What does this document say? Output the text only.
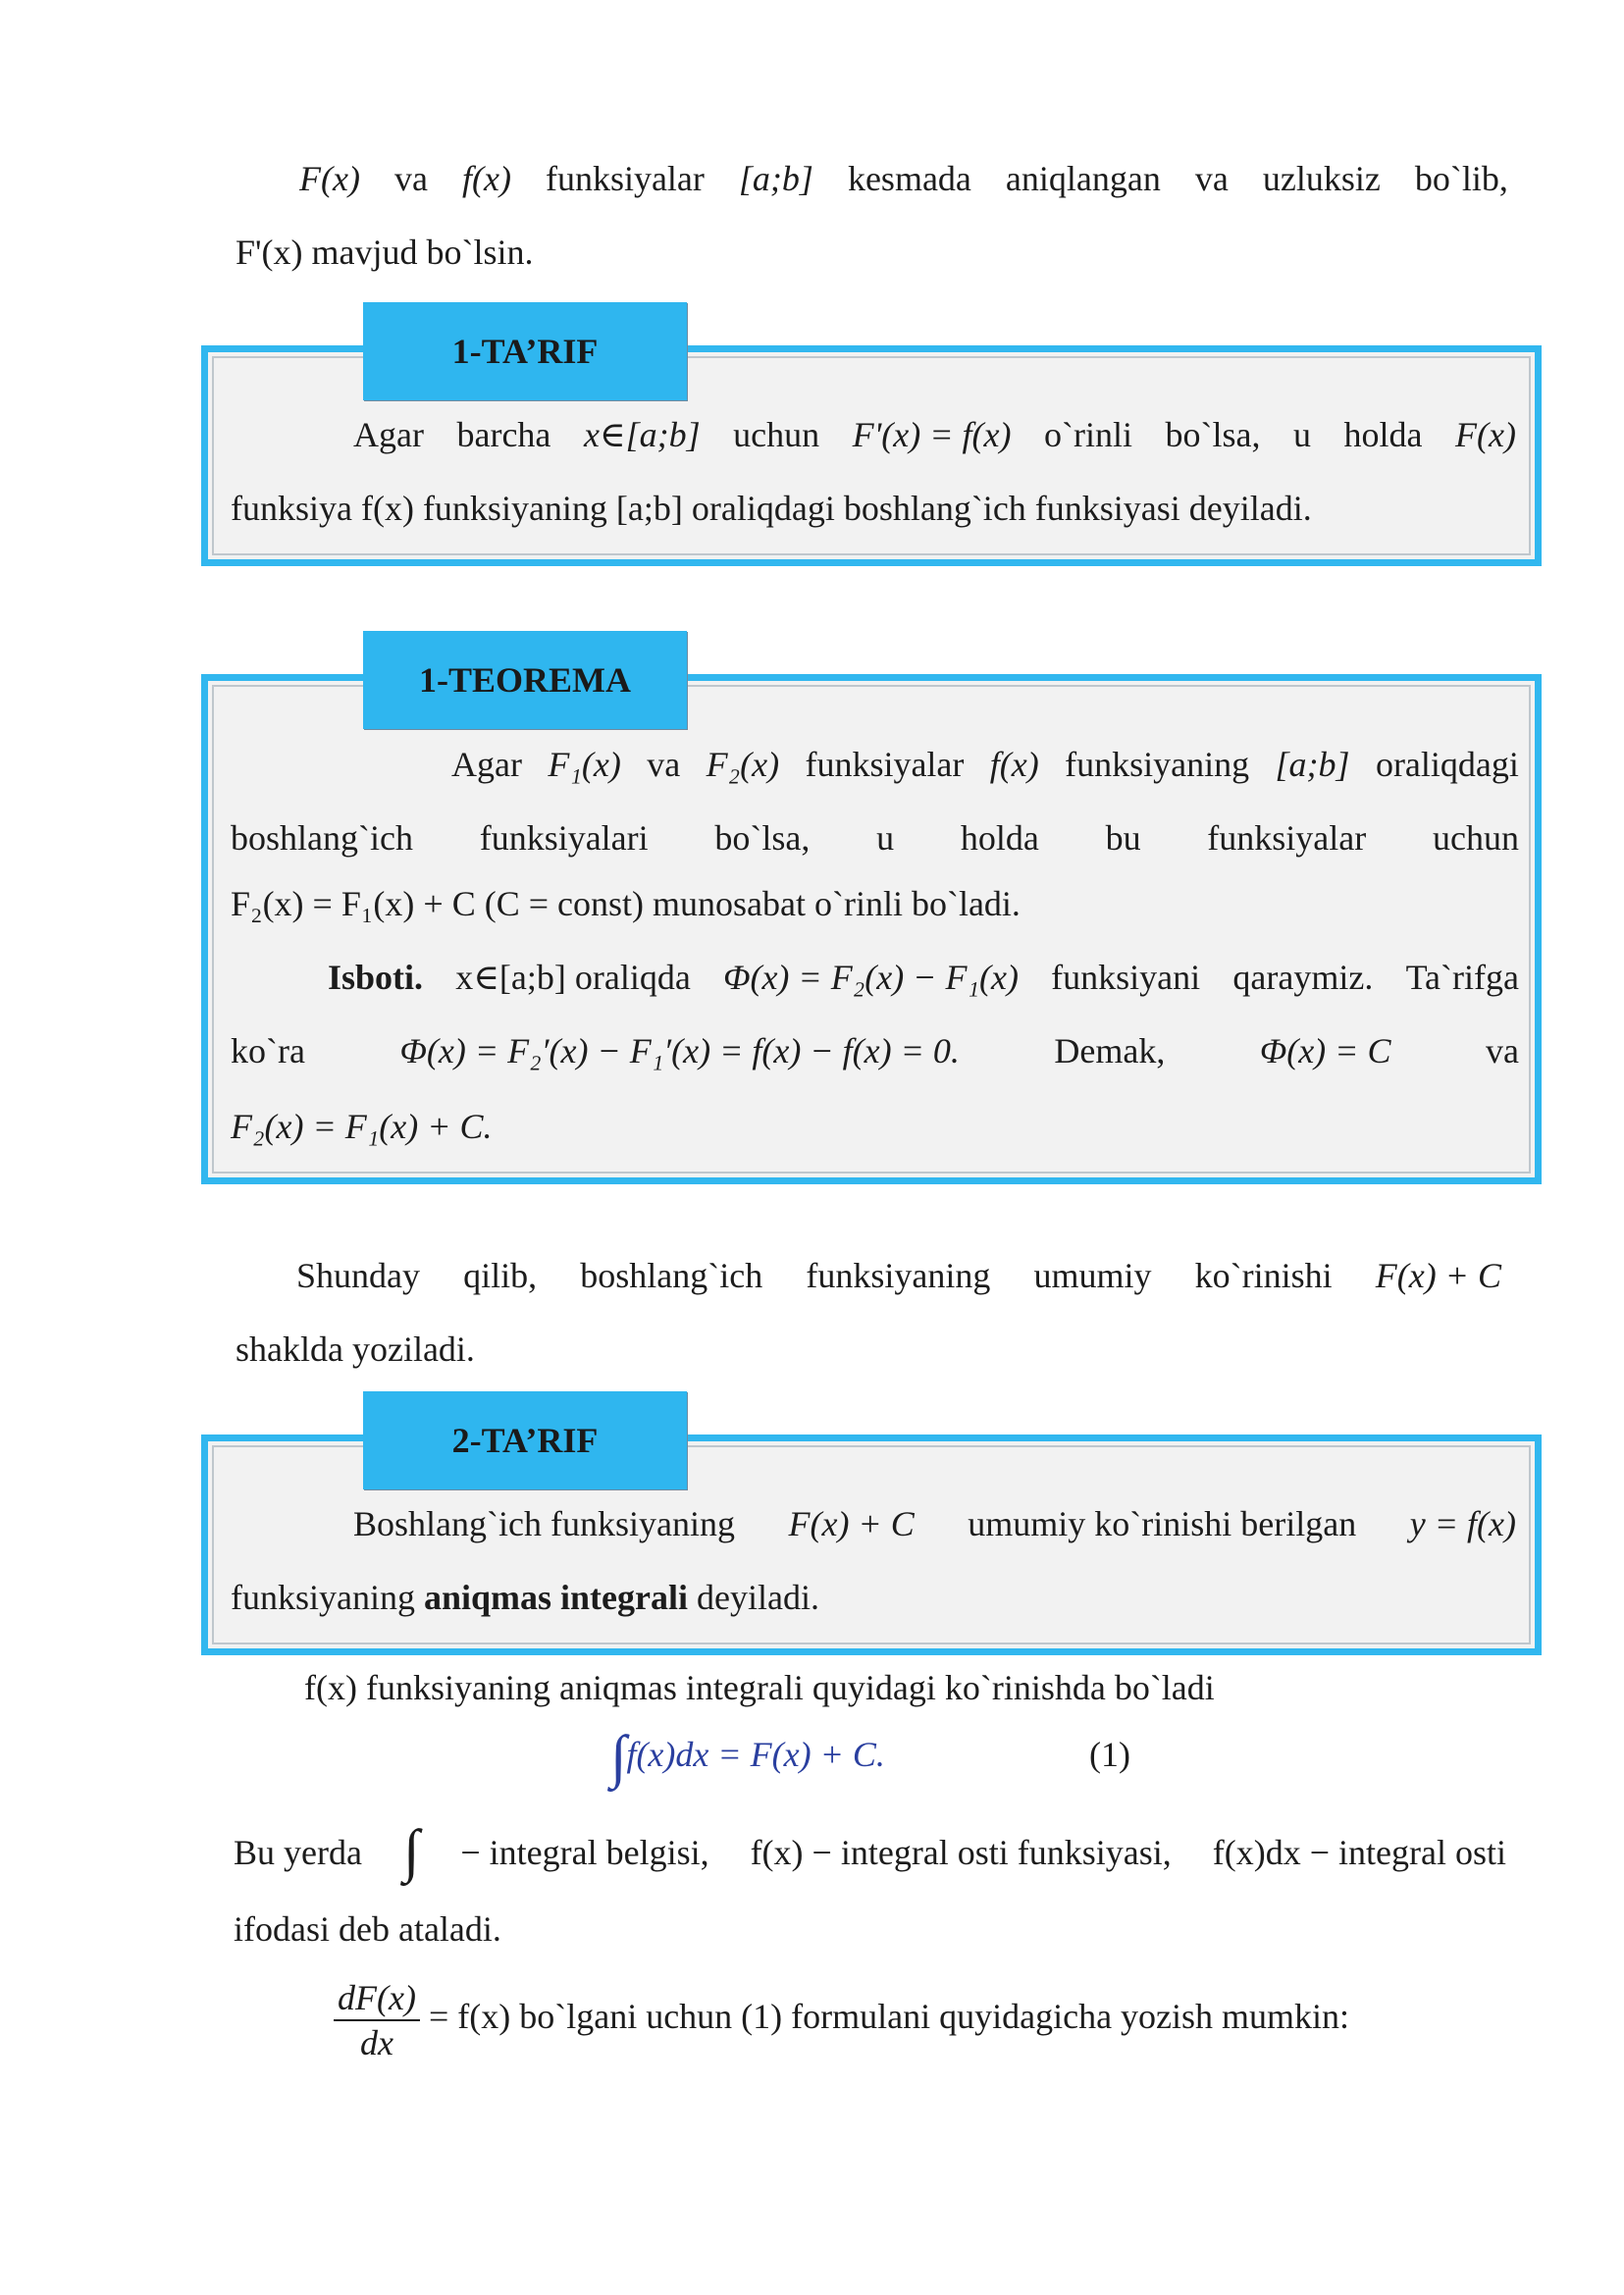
F(x) va f(x) funksiyalar [a;b] kesmada aniqlangan va uzluksiz bo`lib,
F'(x) mavjud bo`lsin.
1-TA’RIF
Agar barcha x∈[a;b] uchun F'(x) = f(x) o`rinli bo`lsa, u holda F(x)
funksiya f(x) funksiyaning [a;b] oraliqdagi boshlang`ich funksiyasi deyiladi.
1-TEOREMA
Agar F₁(x) va F₂(x) funksiyalar f(x) funksiyaning [a;b] oraliqdagi
boshlang`ich funksiyalari bo`lsa, u holda bu funksiyalar uchun
F₂(x) = F₁(x) + C (C = const) munosabat o`rinli bo`ladi.
Isboti. x∈[a;b] oraliqda Φ(x) = F₂(x) − F₁(x) funksiyani qaraymiz. Ta`rifga
ko`ra	Φ(x) = F₂′(x) − F₁′(x) = f(x) − f(x) = 0.	Demak,	Φ(x) = C	va
F₂(x) = F₁(x) + C.
Shunday qilib, boshlang`ich funksiyaning umumiy ko`rinishi F(x) + C
shaklda yoziladi.
2-TA’RIF
Boshlang`ich funksiyaning F(x) + C umumiy ko`rinishi berilgan y = f(x)
funksiyaning aniqmas integrali deyiladi.
f(x) funksiyaning aniqmas integrali quyidagi ko`rinishda bo`ladi
∫f(x)dx = F(x) + C.	(1)
Bu yerda ∫ − integral belgisi, f(x) − integral osti funksiyasi, f(x)dx − integral osti
ifodasi deb ataladi.
$\frac{dF(x)}{dx} = f(x)$ bo`lgani uchun (1) formulani quyidagicha yozish mumkin:
